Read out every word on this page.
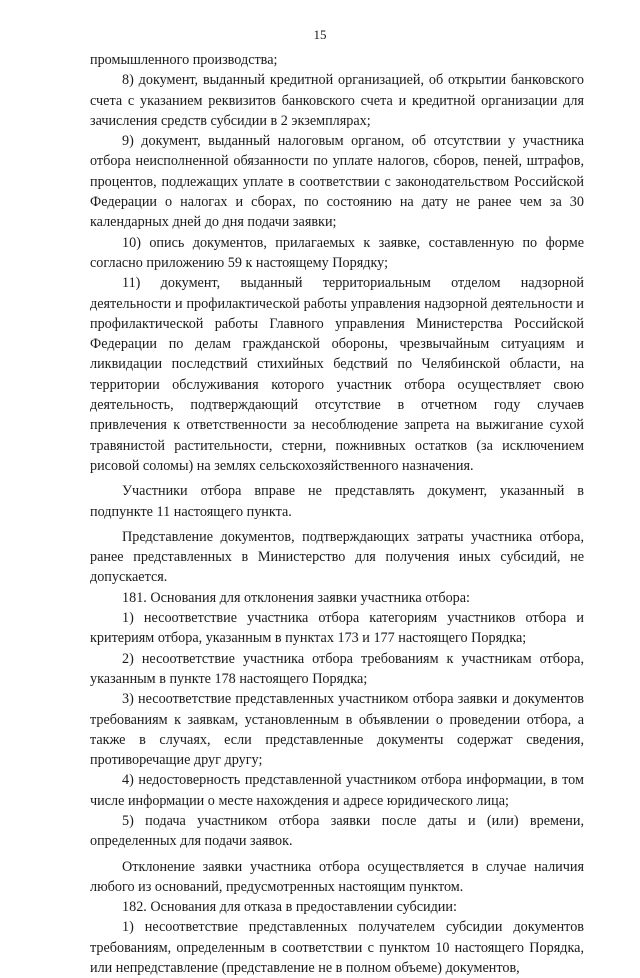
15

промышленного производства;

8) документ, выданный кредитной организацией, об открытии банковского счета с указанием реквизитов банковского счета и кредитной организации для зачисления средств субсидии в 2 экземплярах;

9) документ, выданный налоговым органом, об отсутствии у участника отбора неисполненной обязанности по уплате налогов, сборов, пеней, штрафов, процентов, подлежащих уплате в соответствии с законодательством Российской Федерации о налогах и сборах, по состоянию на дату не ранее чем за 30 календарных дней до дня подачи заявки;

10) опись документов, прилагаемых к заявке, составленную по форме согласно приложению 59 к настоящему Порядку;

11) документ, выданный территориальным отделом надзорной деятельности и профилактической работы управления надзорной деятельности и профилактической работы Главного управления Министерства Российской Федерации по делам гражданской обороны, чрезвычайным ситуациям и ликвидации последствий стихийных бедствий по Челябинской области, на территории обслуживания которого участник отбора осуществляет свою деятельность, подтверждающий отсутствие в отчетном году случаев привлечения к ответственности за несоблюдение запрета на выжигание сухой травянистой растительности, стерни, пожнивных остатков (за исключением рисовой соломы) на землях сельскохозяйственного назначения.

Участники отбора вправе не представлять документ, указанный в подпункте 11 настоящего пункта.

Представление документов, подтверждающих затраты участника отбора, ранее представленных в Министерство для получения иных субсидий, не допускается.

181. Основания для отклонения заявки участника отбора:

1) несоответствие участника отбора категориям участников отбора и критериям отбора, указанным в пунктах 173 и 177 настоящего Порядка;

2) несоответствие участника отбора требованиям к участникам отбора, указанным в пункте 178 настоящего Порядка;

3) несоответствие представленных участником отбора заявки и документов требованиям к заявкам, установленным в объявлении о проведении отбора, а также в случаях, если представленные документы содержат сведения, противоречащие друг другу;

4) недостоверность представленной участником отбора информации, в том числе информации о месте нахождения и адресе юридического лица;

5) подача участником отбора заявки после даты и (или) времени, определенных для подачи заявок.

Отклонение заявки участника отбора осуществляется в случае наличия любого из оснований, предусмотренных настоящим пунктом.

182. Основания для отказа в предоставлении субсидии:

1) несоответствие представленных получателем субсидии документов требованиям, определенным в соответствии с пунктом 10 настоящего Порядка, или непредставление (представление не в полном объеме) документов,
